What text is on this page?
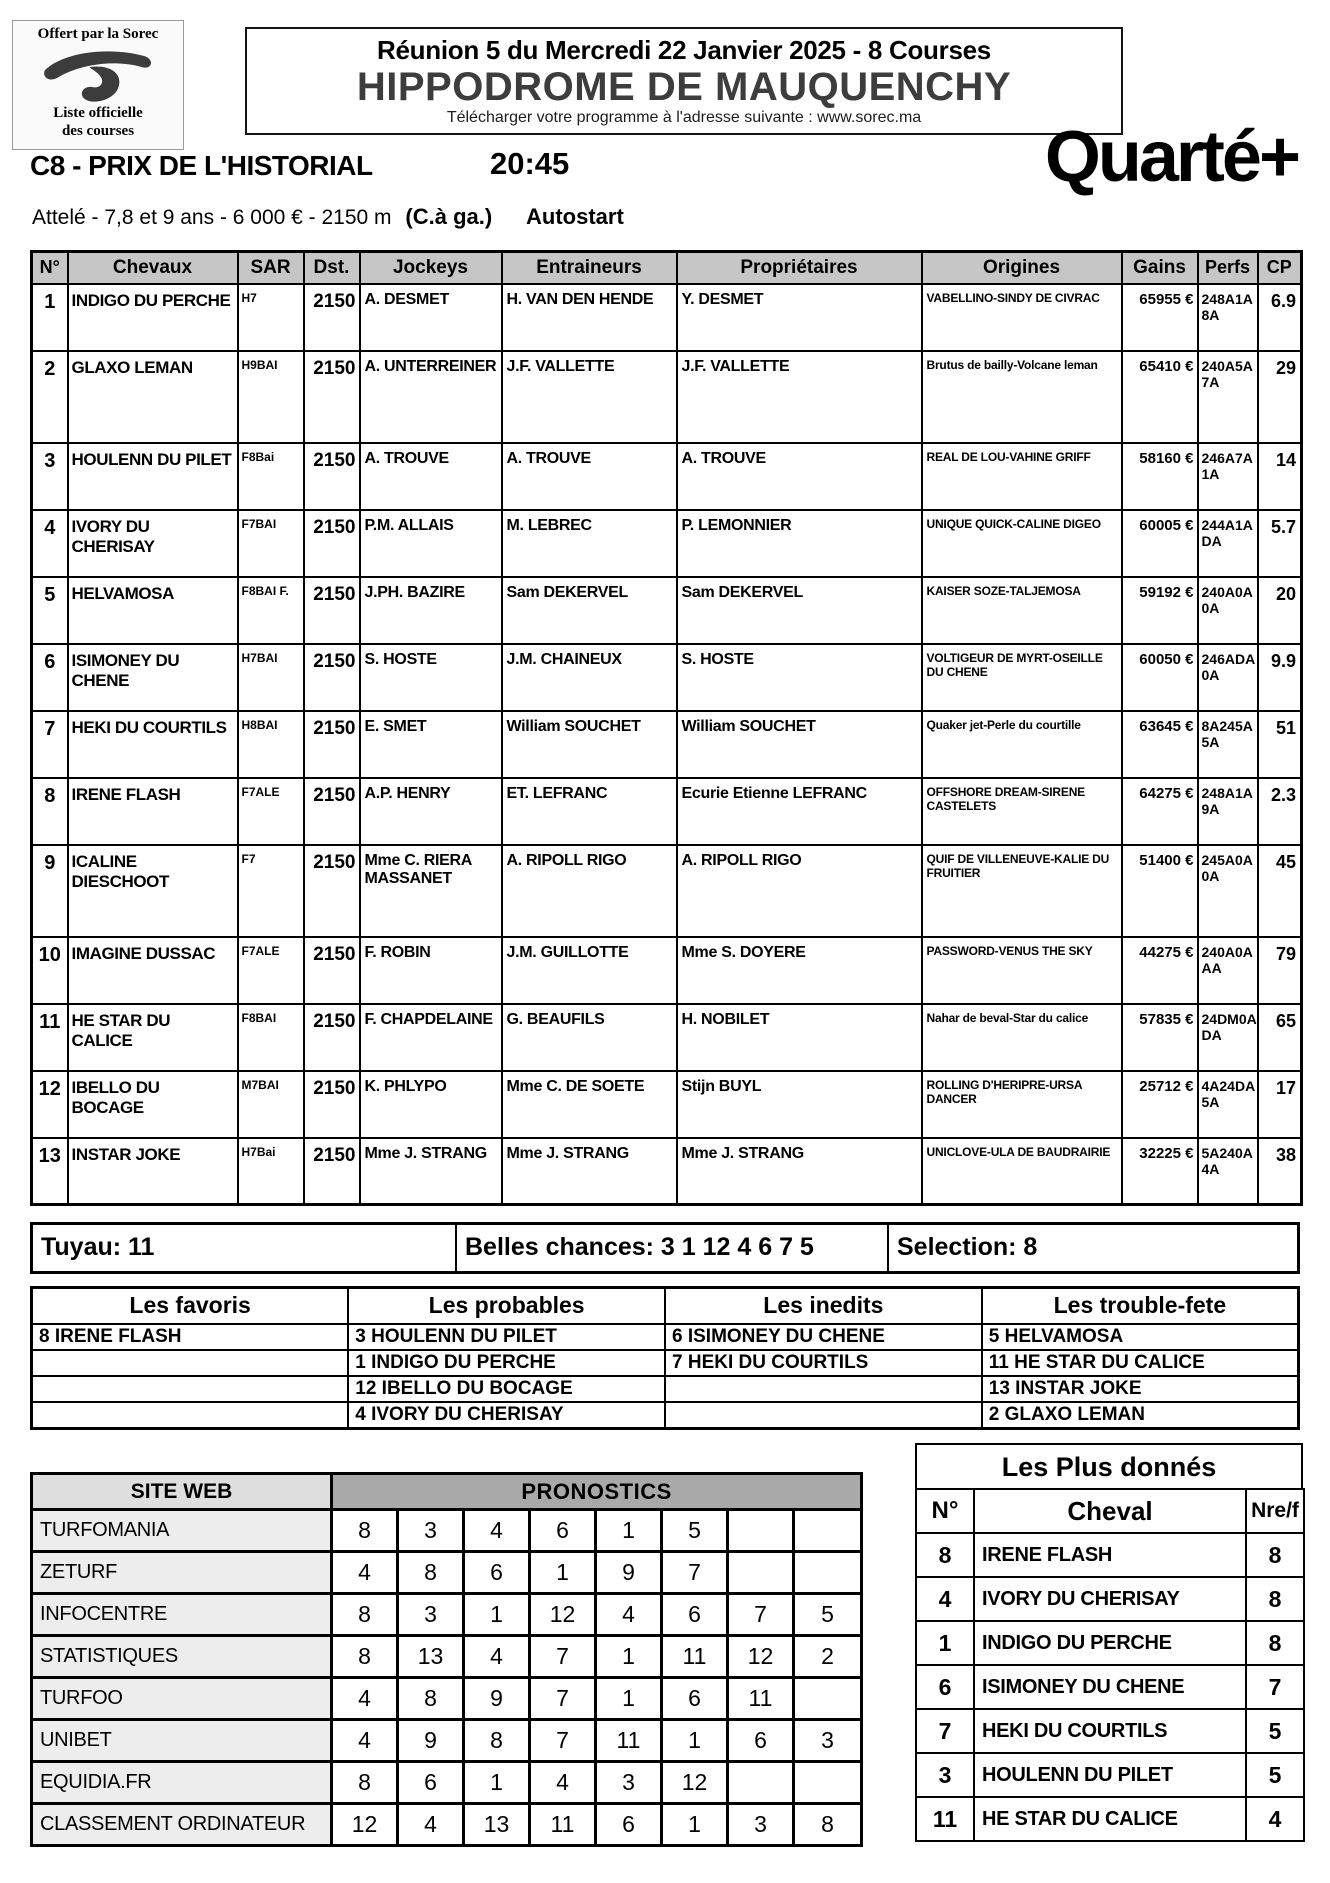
Offert par la Sorec
Liste officielle
des courses
Réunion 5 du Mercredi 22 Janvier 2025 - 8 Courses
HIPPODROME DE MAUQUENCHY
Télécharger votre programme à l'adresse suivante : www.sorec.ma
C8 - PRIX DE L'HISTORIAL	20:45	Quarté+
Attelé - 7,8 et 9 ans - 6 000 € - 2150 m (C.à ga.) Autostart
N°	Chevaux	SAR	Dst.	Jockeys	Entraineurs	Propriétaires	Origines	Gains	Perfs	CP
1	INDIGO DU PERCHE	H7	2150	A. DESMET	H. VAN DEN HENDE	Y. DESMET	VABELLINO-SINDY DE CIVRAC	65955 €	248A1A 8A	6.9
2	GLAXO LEMAN	H9BAI	2150	A. UNTERREINER	J.F. VALLETTE	J.F. VALLETTE	Brutus de bailly-Volcane leman	65410 €	240A5A 7A	29
3	HOULENN DU PILET	F8Bai	2150	A. TROUVE	A. TROUVE	A. TROUVE	REAL DE LOU-VAHINE GRIFF	58160 €	246A7A 1A	14
4	IVORY DU CHERISAY	F7BAI	2150	P.M. ALLAIS	M. LEBREC	P. LEMONNIER	UNIQUE QUICK-CALINE DIGEO	60005 €	244A1A DA	5.7
5	HELVAMOSA	F8BAI F.	2150	J.PH. BAZIRE	Sam DEKERVEL	Sam DEKERVEL	KAISER SOZE-TALJEMOSA	59192 €	240A0A 0A	20
6	ISIMONEY DU CHENE	H7BAI	2150	S. HOSTE	J.M. CHAINEUX	S. HOSTE	VOLTIGEUR DE MYRT-OSEILLE DU CHENE	60050 €	246ADA 0A	9.9
7	HEKI DU COURTILS	H8BAI	2150	E. SMET	William SOUCHET	William SOUCHET	Quaker jet-Perle du courtille	63645 €	8A245A 5A	51
8	IRENE FLASH	F7ALE	2150	A.P. HENRY	ET. LEFRANC	Ecurie Etienne LEFRANC	OFFSHORE DREAM-SIRENE CASTELETS	64275 €	248A1A 9A	2.3
9	ICALINE DIESCHOOT	F7	2150	Mme C. RIERA MASSANET	A. RIPOLL RIGO	A. RIPOLL RIGO	QUIF DE VILLENEUVE-KALIE DU FRUITIER	51400 €	245A0A 0A	45
10	IMAGINE DUSSAC	F7ALE	2150	F. ROBIN	J.M. GUILLOTTE	Mme S. DOYERE	PASSWORD-VENUS THE SKY	44275 €	240A0A AA	79
11	HE STAR DU CALICE	F8BAI	2150	F. CHAPDELAINE	G. BEAUFILS	H. NOBILET	Nahar de beval-Star du calice	57835 €	24DM0A DA	65
12	IBELLO DU BOCAGE	M7BAI	2150	K. PHLYPO	Mme C. DE SOETE	Stijn BUYL	ROLLING D'HERIPRE-URSA DANCER	25712 €	4A24DA 5A	17
13	INSTAR JOKE	H7Bai	2150	Mme J. STRANG	Mme J. STRANG	Mme J. STRANG	UNICLOVE-ULA DE BAUDRAIRIE	32225 €	5A240A 4A	38
Tuyau: 11	Belles chances: 3 1 12 4 6 7 5	Selection: 8
Les favoris	Les probables	Les inedits	Les trouble-fete
8 IRENE FLASH	3 HOULENN DU PILET	6 ISIMONEY DU CHENE	5 HELVAMOSA
	1 INDIGO DU PERCHE	7 HEKI DU COURTILS	11 HE STAR DU CALICE
	12 IBELLO DU BOCAGE		13 INSTAR JOKE
	4 IVORY DU CHERISAY		2 GLAXO LEMAN
SITE WEB	PRONOSTICS							
TURFOMANIA	8	3	4	6	1	5		
ZETURF	4	8	6	1	9	7		
INFOCENTRE	8	3	1	12	4	6	7	5
STATISTIQUES	8	13	4	7	1	11	12	2
TURFOO	4	8	9	7	1	6	11	
UNIBET	4	9	8	7	11	1	6	3
EQUIDIA.FR	8	6	1	4	3	12		
CLASSEMENT ORDINATEUR	12	4	13	11	6	1	3	8
Les Plus donnés
N°	Cheval	Nre/f
8	IRENE FLASH	8
4	IVORY DU CHERISAY	8
1	INDIGO DU PERCHE	8
6	ISIMONEY DU CHENE	7
7	HEKI DU COURTILS	5
3	HOULENN DU PILET	5
11	HE STAR DU CALICE	4
